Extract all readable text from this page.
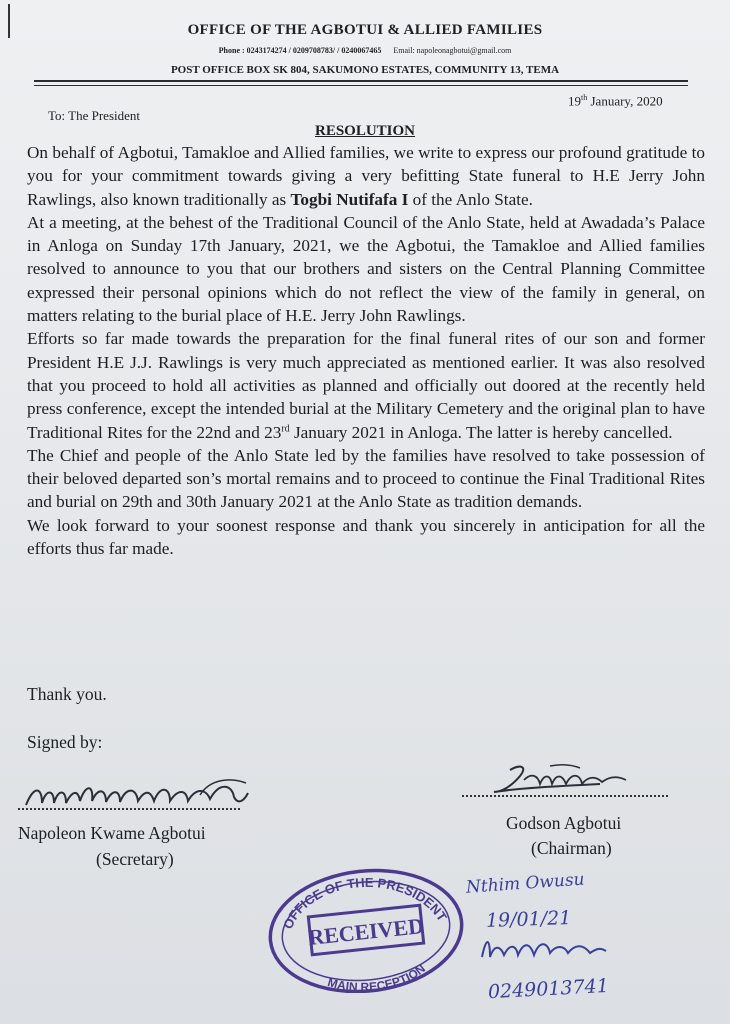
OFFICE OF THE AGBOTUI & ALLIED FAMILIES
Phone : 0243174274 / 0209708783/ / 0240067465 Email: napoleonagbotui@gmail.com
POST OFFICE BOX SK 804, SAKUMONO ESTATES, COMMUNITY 13, TEMA
19th January, 2020
To: The President
RESOLUTION

On behalf of Agbotui, Tamakloe and Allied families, we write to express our profound gratitude to you for your commitment towards giving a very befitting State funeral to H.E Jerry John Rawlings, also known traditionally as Togbi Nutifafa I of the Anlo State.

At a meeting, at the behest of the Traditional Council of the Anlo State, held at Awadada’s Palace in Anloga on Sunday 17th January, 2021, we the Agbotui, the Tamakloe and Allied families resolved to announce to you that our brothers and sisters on the Central Planning Committee expressed their personal opinions which do not reflect the view of the family in general, on matters relating to the burial place of H.E. Jerry John Rawlings.

Efforts so far made towards the preparation for the final funeral rites of our son and former President H.E J.J. Rawlings is very much appreciated as mentioned earlier. It was also resolved that you proceed to hold all activities as planned and officially out doored at the recently held press conference, except the intended burial at the Military Cemetery and the original plan to have Traditional Rites for the 22nd and 23rd January 2021 in Anloga. The latter is hereby cancelled.

The Chief and people of the Anlo State led by the families have resolved to take possession of their beloved departed son’s mortal remains and to proceed to continue the Final Traditional Rites and burial on 29th and 30th January 2021 at the Anlo State as tradition demands.

We look forward to your soonest response and thank you sincerely in anticipation for all the efforts thus far made.

Thank you.
Signed by:
Napoleon Kwame Agbotui
(Secretary)
Godson Agbotui
(Chairman)
OFFICE OF THE PRESIDENT
RECEIVED
MAIN RECEPTION
Nthim Owusu
19/01/21
0249013741
